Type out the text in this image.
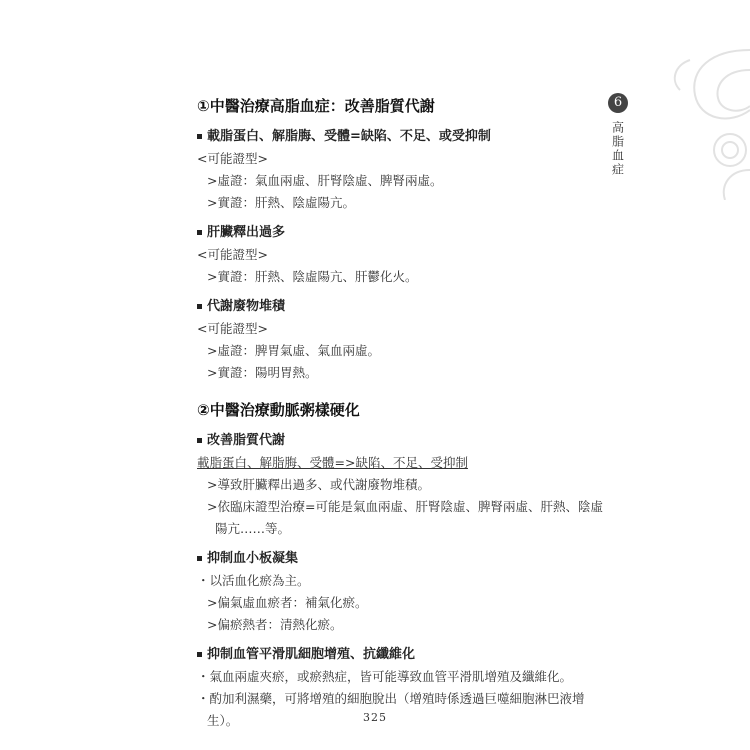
6
高脂血症
①中醫治療高脂血症：改善脂質代謝
載脂蛋白、解脂脢、受體=缺陷、不足、或受抑制
<可能證型>
>虛證：氣血兩虛、肝腎陰虛、脾腎兩虛。
>實證：肝熱、陰虛陽亢。
肝臟釋出過多
<可能證型>
>實證：肝熱、陰虛陽亢、肝鬱化火。
代謝廢物堆積
<可能證型>
>虛證：脾胃氣虛、氣血兩虛。
>實證：陽明胃熱。
②中醫治療動脈粥樣硬化
改善脂質代謝
載脂蛋白、解脂脢、受體=>缺陷、不足、受抑制
>導致肝臟釋出過多、或代謝廢物堆積。
>依臨床證型治療=可能是氣血兩虛、肝腎陰虛、脾腎兩虛、肝熱、陰虛
陽亢……等。
抑制血小板凝集
・以活血化瘀為主。
>偏氣虛血瘀者：補氣化瘀。
>偏瘀熱者：清熱化瘀。
抑制血管平滑肌細胞增殖、抗纖維化
・氣血兩虛夾瘀，或瘀熱症，皆可能導致血管平滑肌增殖及纖維化。
・酌加利濕藥，可將增殖的細胞脫出（增殖時係透過巨噬細胞淋巴液增
生）。	325
